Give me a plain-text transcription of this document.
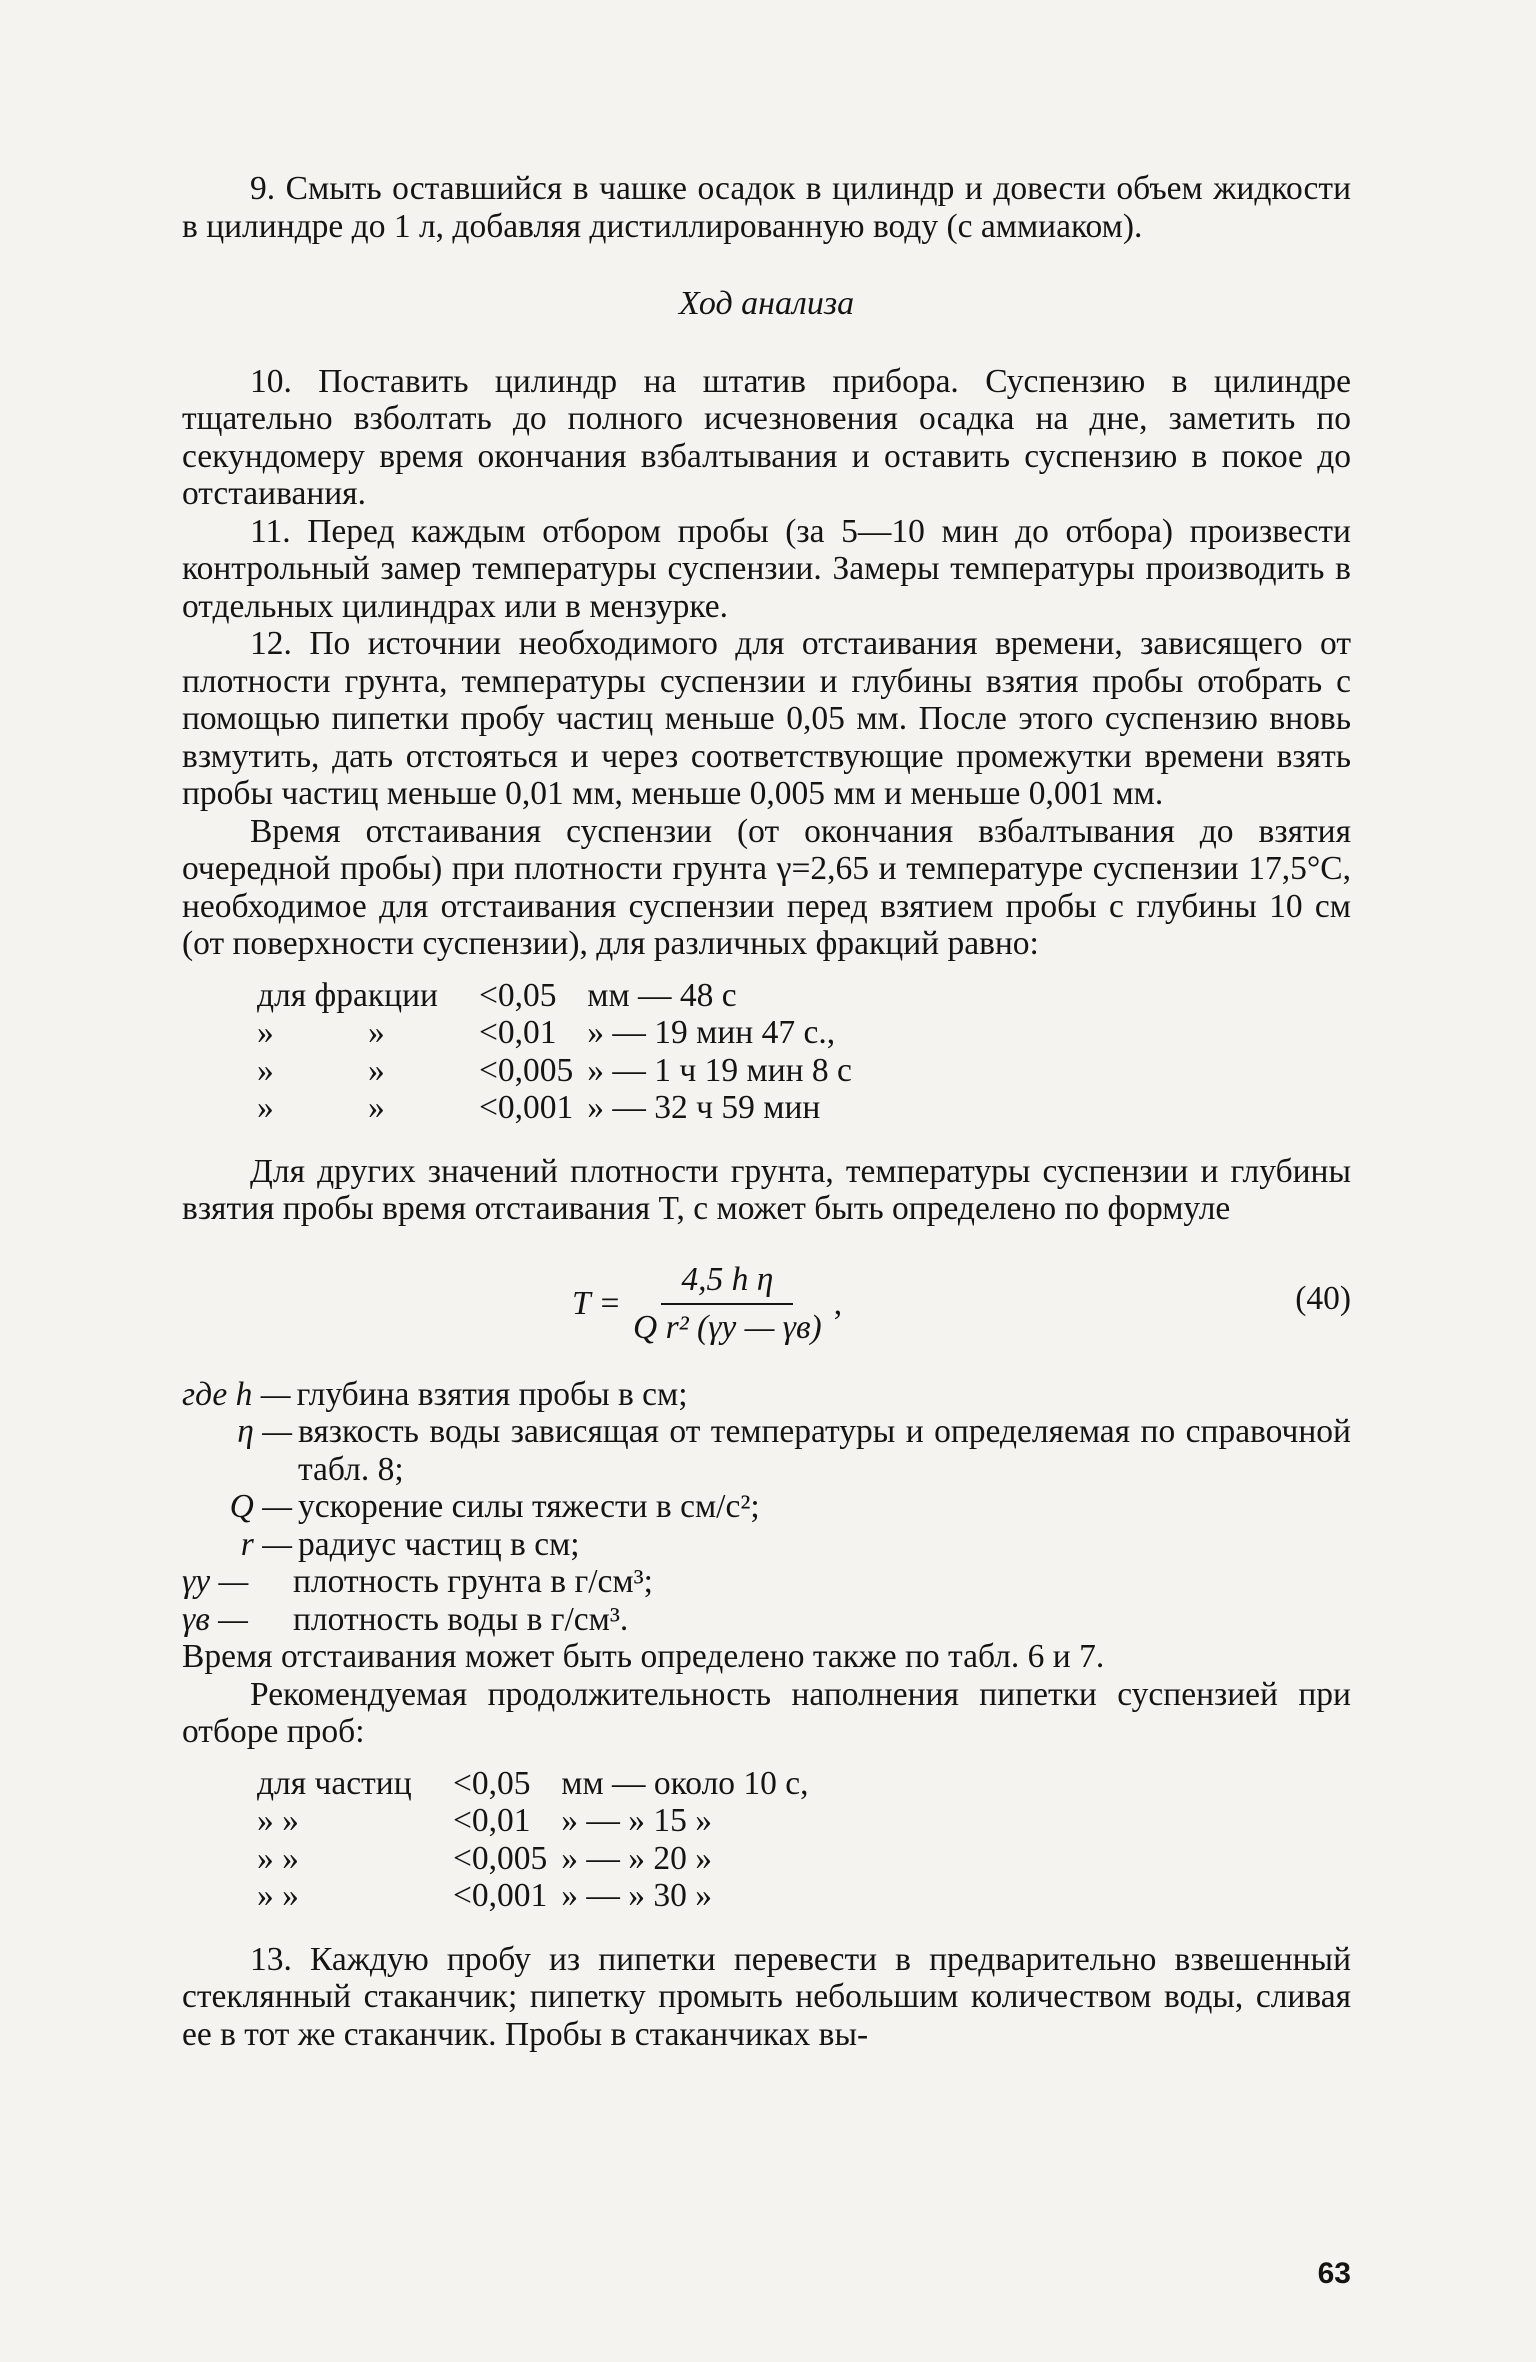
9. Смыть оставшийся в чашке осадок в цилиндр и довести объем жидкости в цилиндре до 1 л, добавляя дистиллированную воду (с аммиаком).

Ход анализа

10. Поставить цилиндр на штатив прибора. Суспензию в цилиндре тщательно взболтать до полного исчезновения осадка на дне, заметить по секундомеру время окончания взбалтывания и оставить суспензию в покое до отстаивания.

11. Перед каждым отбором пробы (за 5—10 мин до отбора) произвести контрольный замер температуры суспензии. Замеры температуры производить в отдельных цилиндрах или в мензурке.

12. По источнии необходимого для отстаивания времени, зависящего от плотности грунта, температуры суспензии и глубины взятия пробы отобрать с помощью пипетки пробу частиц меньше 0,05 мм. После этого суспензию вновь взмутить, дать отстояться и через соответствующие промежутки времени взять пробы частиц меньше 0,01 мм, меньше 0,005 мм и меньше 0,001 мм.

Время отстаивания суспензии (от окончания взбалтывания до взятия очередной пробы) при плотности грунта γ=2,65 и температуре суспензии 17,5°С, необходимое для отстаивания суспензии перед взятием пробы с глубины 10 см (от поверхности суспензии), для различных фракций равно:

для фракции		<0,05	мм — 48 с
»	»	<0,01	» — 19 мин 47 с.,
»	»	<0,005	» — 1 ч 19 мин 8 с
»	»	<0,001	» — 32 ч 59 мин

Для других значений плотности грунта, температуры суспензии и глубины взятия пробы время отстаивания T, с может быть определено по формуле

$T = \frac{\text{4,5 h η}}{\text{Q r² (γу — γв)}}$ ,	(40)
где h — глубина взятия пробы в см;
η — вязкость воды зависящая от температуры и определяемая по справочной табл. 8;
Q — ускорение силы тяжести в см/с²;
r — радиус частиц в см;
γу —	плотность грунта в г/см³;
γв —	плотность воды в г/см³.

Время отстаивания может быть определено также по табл. 6 и 7.

Рекомендуемая продолжительность наполнения пипетки суспензией при отборе проб:

для частиц	<0,05	мм — около 10 с,
» »	<0,01	» — » 15 »
» »	<0,005	» — » 20 »
» »	<0,001	» — » 30 »

13. Каждую пробу из пипетки перевести в предварительно взвешенный стеклянный стаканчик; пипетку промыть небольшим количеством воды, сливая ее в тот же стаканчик. Пробы в стаканчиках вы-

63
